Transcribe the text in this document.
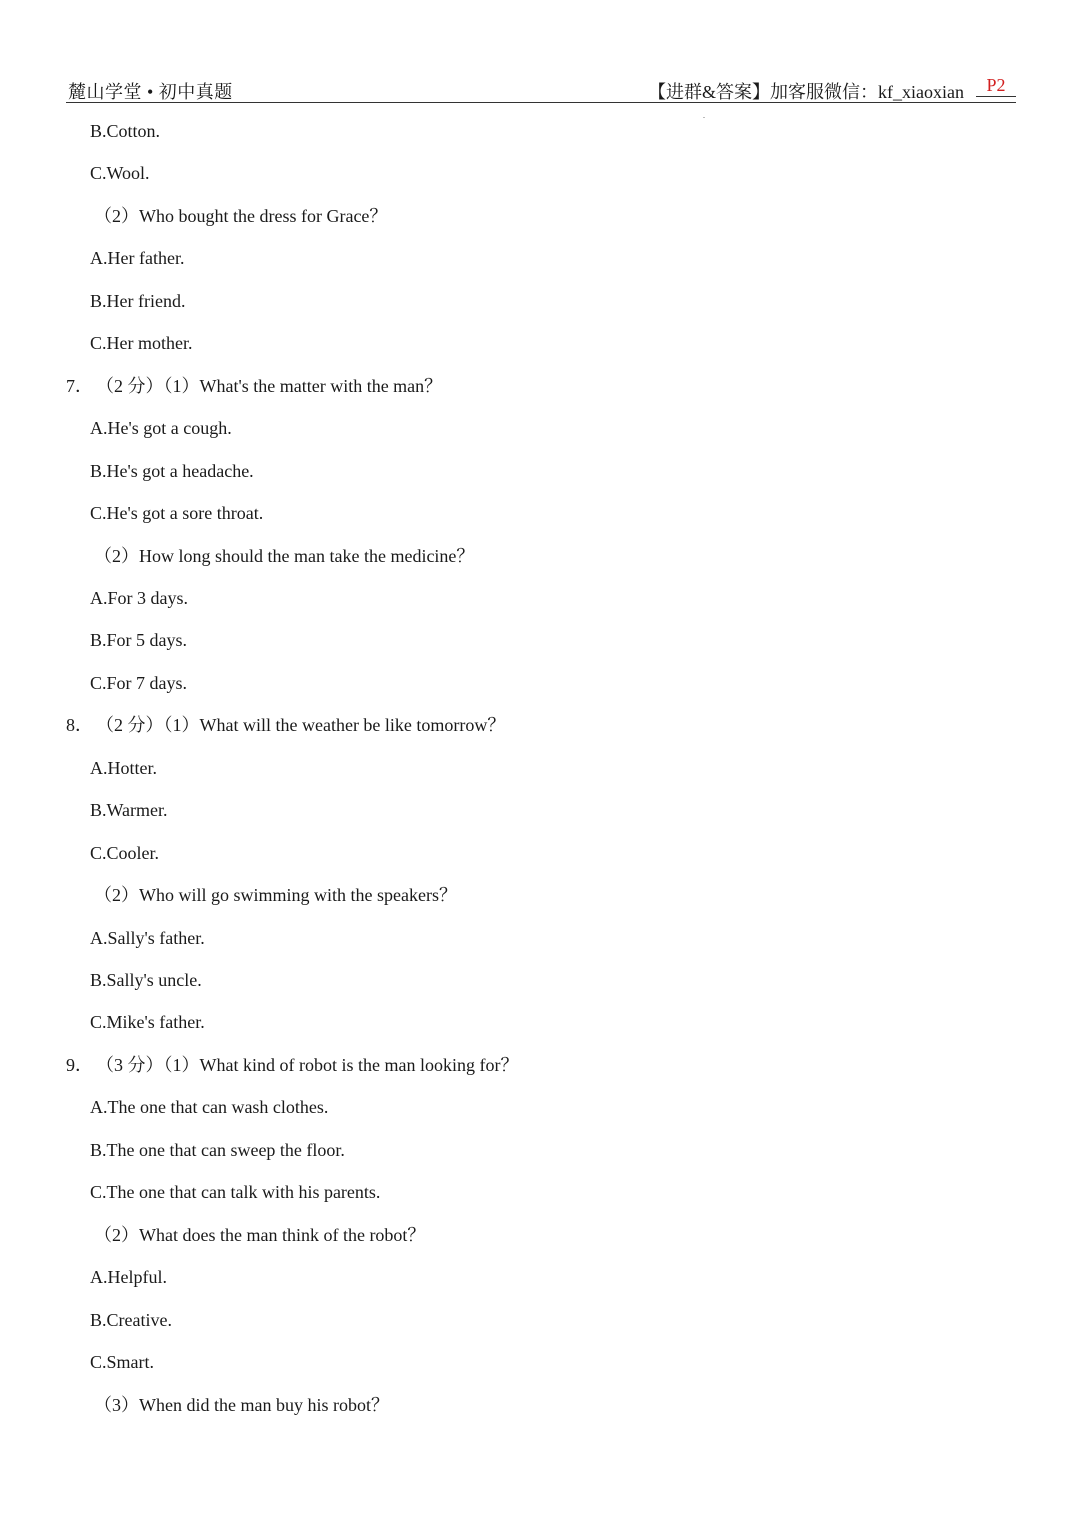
麓山学堂 • 初中真题	【进群&答案】加客服微信：kf_xiaoxian	P2
B.Cotton.
C.Wool.
（2）Who bought the dress for Grace？
A.Her father.
B.Her friend.
C.Her mother.
7． （2 分）（1）What's the matter with the man？
A.He's got a cough.
B.He's got a headache.
C.He's got a sore throat.
（2）How long should the man take the medicine？
A.For 3 days.
B.For 5 days.
C.For 7 days.
8． （2 分）（1）What will the weather be like tomorrow？
A.Hotter.
B.Warmer.
C.Cooler.
（2）Who will go swimming with the speakers？
A.Sally's father.
B.Sally's uncle.
C.Mike's father.
9． （3 分）（1）What kind of robot is the man looking for？
A.The one that can wash clothes.
B.The one that can sweep the floor.
C.The one that can talk with his parents.
（2）What does the man think of the robot？
A.Helpful.
B.Creative.
C.Smart.
（3）When did the man buy his robot？
